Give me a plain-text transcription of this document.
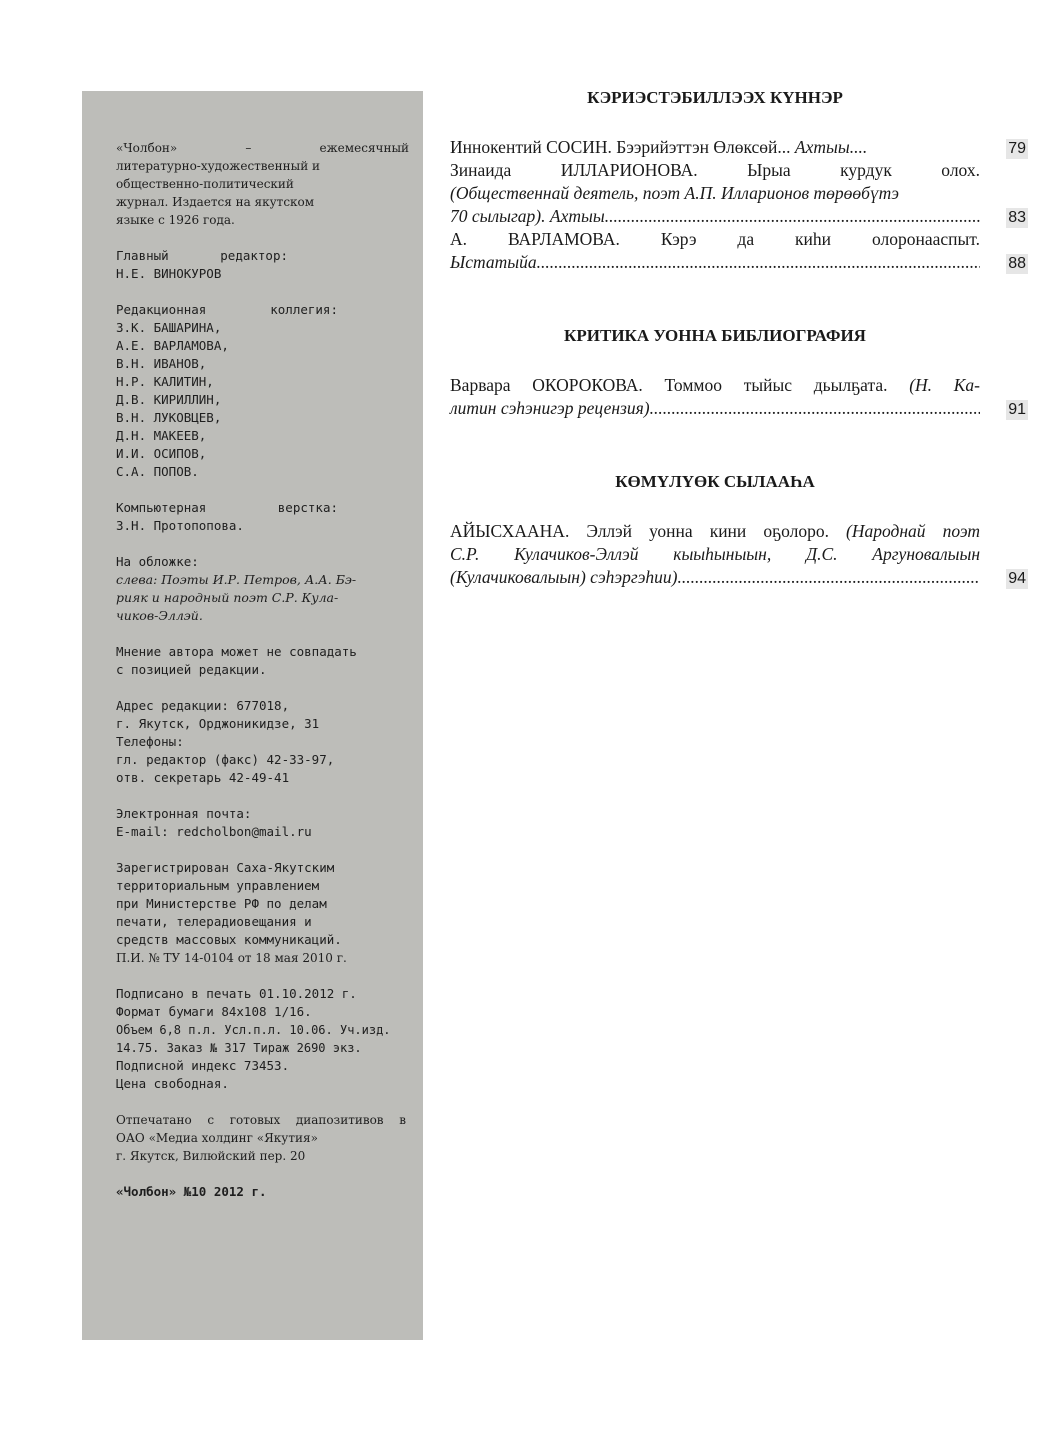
«Чолбон» – ежемесячный
литературно-художественный и
общественно-политический
журнал. Издается на якутском
языке с 1926 года.
Главный редактор:
Н.Е. ВИНОКУРОВ
Редакционная коллегия:
З.К. БАШАРИНА,
А.Е. ВАРЛАМОВА,
В.Н. ИВАНОВ,
Н.Р. КАЛИТИН,
Д.В. КИРИЛЛИН,
В.Н. ЛУКОВЦЕВ,
Д.Н. МАКЕЕВ,
И.И. ОСИПОВ,
С.А. ПОПОВ.
Компьютерная верстка:
З.Н. Протопопова.
На обложке:
слева: Поэты И.Р. Петров, А.А. Бэ-
рияк и народный поэт С.Р. Кула-
чиков-Эллэй.
Мнение автора может не совпадать
с позицией редакции.
Адрес редакции: 677018,
г. Якутск, Орджоникидзе, 31
Телефоны:
гл. редактор (факс) 42-33-97,
отв. секретарь 42-49-41
Электронная почта:
E-mail: redcholbon@mail.ru
Зарегистрирован Саха-Якутским
территориальным управлением
при Министерстве РФ по делам
печати, телерадиовещания и
средств массовых коммуникаций.
П.И. № ТУ 14-0104 от 18 мая 2010 г.
Подписано в печать 01.10.2012 г.
Формат бумаги 84х108 1/16.
Объем 6,8 п.л. Усл.п.л. 10.06. Уч.изд.
14.75. Заказ № 317 Тираж 2690 экз.
Подписной индекс 73453.
Цена свободная.
Отпечатано с готовых диапозитивов в
ОАО «Медиа холдинг «Якутия»
г. Якутск, Вилюйский пер. 20
«Чолбон» №10 2012 г.
КЭРИЭСТЭБИЛЛЭЭХ КҮННЭР
Иннокентий СОСИН. Бээрийэттэн Өлөксөй...
Ахтыы....	79
Зинаида ИЛЛАРИОНОВА. Ырыа курдук олох.
(Общественнай деятель, поэт А.П. Илларионов төрөөбүтэ
70 сылыгар). Ахтыы .....	83
А. ВАРЛАМОВА. Кэрэ да киһи олоронааспыт.
Ыстатыйа .....	88
КРИТИКА УОННА БИБЛИОГРАФИЯ
Варвара ОКОРОКОВА. Томмоо тыйыс дьылҕата. (Н. Ка-
литин сэһэнигэр рецензия) .....	91
КӨМҮЛҮӨК СЫЛААҺА
АЙЫСХААНА. Эллэй уонна кини оҕолоро. (Народнай поэт
С.Р. Кулачиков-Эллэй кыыһыныын, Д.С. Аргуновалыын
(Кулачиковалыын) сэһэргэһии) .....	94
